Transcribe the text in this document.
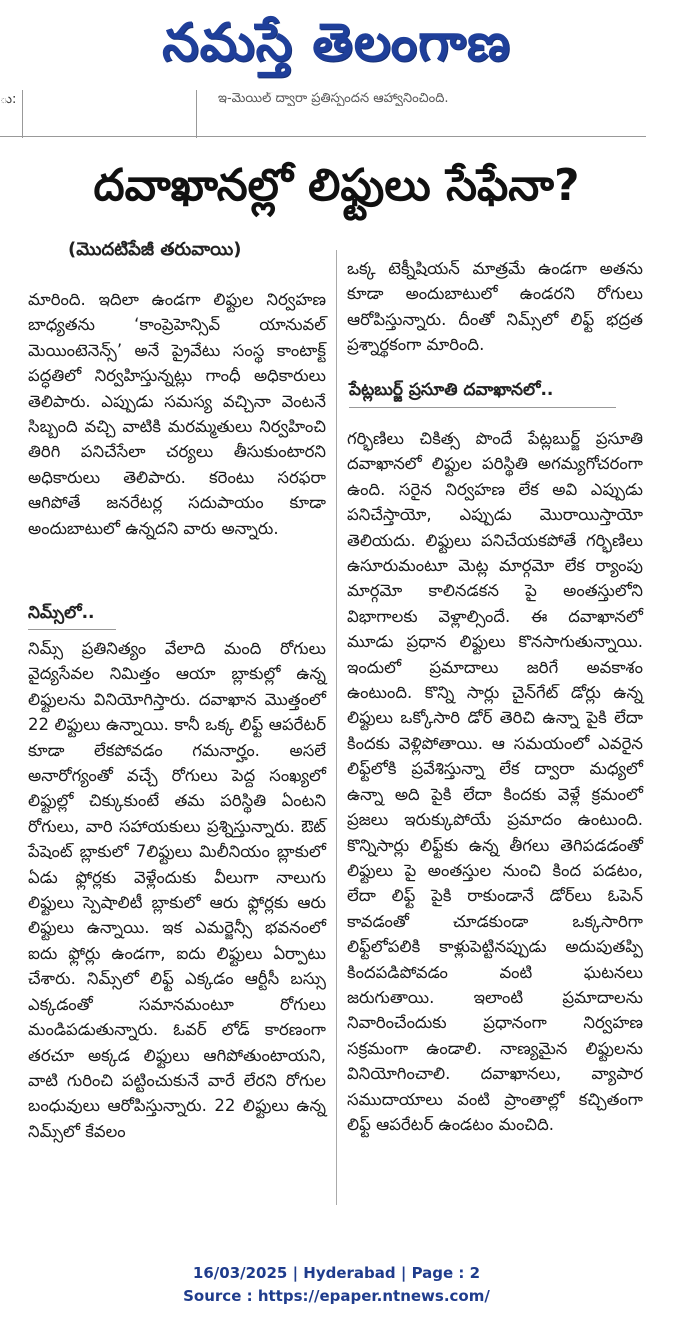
నమస్తే తెలంగాణ
ు:	ఇ-మెయిల్ ద్వారా ప్రతిస్పందన ఆహ్వానించింది.
దవాఖానల్లో లిఫ్టులు సేఫేనా?
(మొదటిపేజీ తరువాయి)

మారింది. ఇదిలా ఉండగా లిఫ్టుల నిర్వహణ బాధ్యతను ‘కాంప్రెహెన్సివ్ యానువల్ మెయింటెనెన్స్’ అనే ప్రైవేటు సంస్థ కాంటాక్ట్ పద్ధతిలో నిర్వహిస్తున్నట్లు గాంధీ అధికారులు తెలిపారు. ఎప్పుడు సమస్య వచ్చినా వెంటనే సిబ్బంది వచ్చి వాటికి మరమ్మతులు నిర్వహించి తిరిగి పనిచేసేలా చర్యలు తీసుకుంటారని అధికారులు తెలిపారు. కరెంటు సరఫరా ఆగిపోతే జనరేటర్ల సదుపాయం కూడా అందుబాటులో ఉన్నదని వారు అన్నారు.

నిమ్స్‌లో..

నిమ్స్ ప్రతినిత్యం వేలాది మంది రోగులు వైద్యసేవల నిమిత్తం ఆయా బ్లాకుల్లో ఉన్న లిఫ్టులను వినియోగిస్తారు. దవాఖాన మొత్తంలో 22 లిఫ్టులు ఉన్నాయి. కానీ ఒక్క లిఫ్ట్ ఆపరేటర్ కూడా లేకపోవడం గమనార్హం. అసలే అనారోగ్యంతో వచ్చే రోగులు పెద్ద సంఖ్యలో లిఫ్టుల్లో చిక్కుకుంటే తమ పరిస్థితి ఏంటని రోగులు, వారి సహాయకులు ప్రశ్నిస్తున్నారు. ఔట్ పేషెంట్ బ్లాకులో 7లిఫ్టులు మిలీనియం బ్లాకులో ఏడు ఫ్లోర్లకు వెళ్లేందుకు వీలుగా నాలుగు లిఫ్టులు స్పెషాలిటీ బ్లాకులో ఆరు ఫ్లోర్లకు ఆరు లిఫ్టులు ఉన్నాయి. ఇక ఎమర్జెన్సీ భవనంలో ఐదు ఫ్లోర్లు ఉండగా, ఐదు లిఫ్టులు ఏర్పాటు చేశారు. నిమ్స్‌లో లిఫ్ట్ ఎక్కడం ఆర్టీసీ బస్సు ఎక్కడంతో సమానమంటూ రోగులు మండిపడుతున్నారు. ఓవర్ లోడ్ కారణంగా తరచూ అక్కడ లిఫ్టులు ఆగిపోతుంటాయని, వాటి గురించి పట్టించుకునే వారే లేరని రోగుల బంధువులు ఆరోపిస్తున్నారు. 22 లిఫ్టులు ఉన్న నిమ్స్‌లో కేవలం

ఒక్క టెక్నీషియన్ మాత్రమే ఉండగా అతను కూడా అందుబాటులో ఉండరని రోగులు ఆరోపిస్తున్నారు. దీంతో నిమ్స్‌లో లిఫ్ట్ భద్రత ప్రశ్నార్థకంగా మారింది.

పేట్లబుర్జ్ ప్రసూతి దవాఖానలో..

గర్భిణిలు చికిత్స పొందే పేట్లబుర్జ్ ప్రసూతి దవాఖానలో లిఫ్టుల పరిస్థితి అగమ్యగోచరంగా ఉంది. సరైన నిర్వహణ లేక అవి ఎప్పుడు పనిచేస్తాయో, ఎప్పుడు మొరాయిస్తాయో తెలియదు. లిఫ్టులు పనిచేయకపోతే గర్భిణిలు ఉసూరుమంటూ మెట్ల మార్గమో లేక ర్యాంపు మార్గమో కాలినడకన పై అంతస్తులోని విభాగాలకు వెళ్లాల్సిందే. ఈ దవాఖానలో మూడు ప్రధాన లిఫ్టులు కొనసాగుతున్నాయి. ఇందులో ప్రమాదాలు జరిగే అవకాశం ఉంటుంది. కొన్ని సార్లు చైన్‌గేట్ డోర్లు ఉన్న లిఫ్టులు ఒక్కోసారి డోర్ తెరిచి ఉన్నా పైకి లేదా కిందకు వెళ్లిపోతాయి. ఆ సమయంలో ఎవరైన లిఫ్ట్‌లోకి ప్రవేశిస్తున్నా లేక ద్వారా మధ్యలో ఉన్నా అది పైకి లేదా కిందకు వెళ్లే క్రమంలో ప్రజలు ఇరుక్కుపోయే ప్రమాదం ఉంటుంది. కొన్నిసార్లు లిఫ్ట్‌కు ఉన్న తీగలు తెగిపడడంతో లిఫ్టులు పై అంతస్తుల నుంచి కింద పడటం, లేదా లిఫ్ట్ పైకి రాకుండానే డోర్‌లు ఓపెన్ కావడంతో చూడకుండా ఒక్కసారిగా లిఫ్ట్‌లోపలికి కాళ్లుపెట్టినప్పుడు అదుపుతప్పి కిందపడిపోవడం వంటి ఘటనలు జరుగుతాయి. ఇలాంటి ప్రమాదాలను నివారించేందుకు ప్రధానంగా నిర్వహణ సక్రమంగా ఉండాలి. నాణ్యమైన లిఫ్టులను వినియోగించాలి. దవాఖానలు, వ్యాపార సముదాయాలు వంటి ప్రాంతాల్లో కచ్చితంగా లిఫ్ట్ ఆపరేటర్ ఉండటం మంచిది.

16/03/2025 | Hyderabad | Page : 2
Source : https://epaper.ntnews.com/
